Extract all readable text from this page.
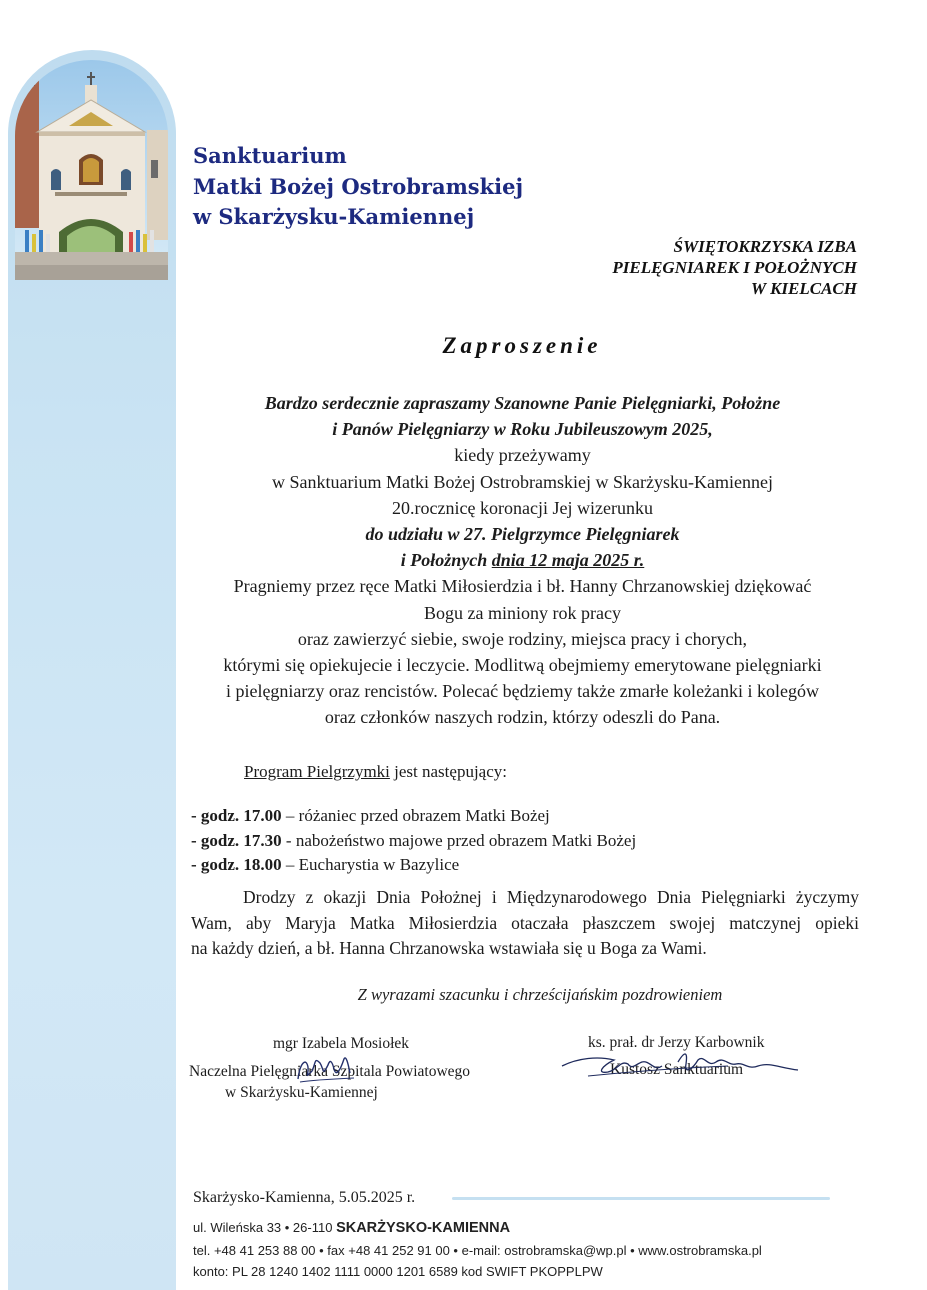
Sanktuarium
Matki Bożej Ostrobramskiej
w Skarżysku-Kamiennej
ŚWIĘTOKRZYSKA IZBA
PIELĘGNIAREK I POŁOŻNYCH
W KIELCACH
Zaproszenie
Bardzo serdecznie zapraszamy Szanowne Panie Pielęgniarki, Położne
i Panów Pielęgniarzy w Roku Jubileuszowym 2025,
kiedy przeżywamy
w Sanktuarium Matki Bożej Ostrobramskiej w Skarżysku-Kamiennej
20.rocznicę koronacji Jej wizerunku
do udziału w 27. Pielgrzymce Pielęgniarek
i Położnych dnia 12 maja 2025 r.
Pragniemy przez ręce Matki Miłosierdzia i bł. Hanny Chrzanowskiej dziękować
Bogu za miniony rok pracy
oraz zawierzyć siebie, swoje rodziny, miejsca pracy i chorych,
którymi się opiekujecie i leczycie. Modlitwą obejmiemy emerytowane pielęgniarki
i pielęgniarzy oraz rencistów. Polecać będziemy także zmarłe koleżanki i kolegów
oraz członków naszych rodzin, którzy odeszli do Pana.
Program Pielgrzymki jest następujący:
- godz. 17.00 – różaniec przed obrazem Matki Bożej
- godz. 17.30 - nabożeństwo majowe przed obrazem Matki Bożej
- godz. 18.00 – Eucharystia w Bazylice
Drodzy z okazji Dnia Położnej i Międzynarodowego Dnia Pielęgniarki życzymy
Wam, aby Maryja Matka Miłosierdzia otaczała płaszczem swojej matczynej opieki
na każdy dzień, a bł. Hanna Chrzanowska wstawiała się u Boga za Wami.
Z wyrazami szacunku i chrześcijańskim pozdrowieniem
mgr Izabela Mosiołek
Naczelna Pielęgniarka Szpitala Powiatowego
w Skarżysku-Kamiennej
ks. prał. dr Jerzy Karbownik
Kustosz Sanktuarium
Skarżysko-Kamienna, 5.05.2025 r.
ul. Wileńska 33 • 26-110 SKARŻYSKO-KAMIENNA
tel. +48 41 253 88 00 • fax +48 41 252 91 00 • e-mail: ostrobramska@wp.pl • www.ostrobramska.pl
konto: PL 28 1240 1402 1111 0000 1201 6589 kod SWIFT PKOPPLPW
